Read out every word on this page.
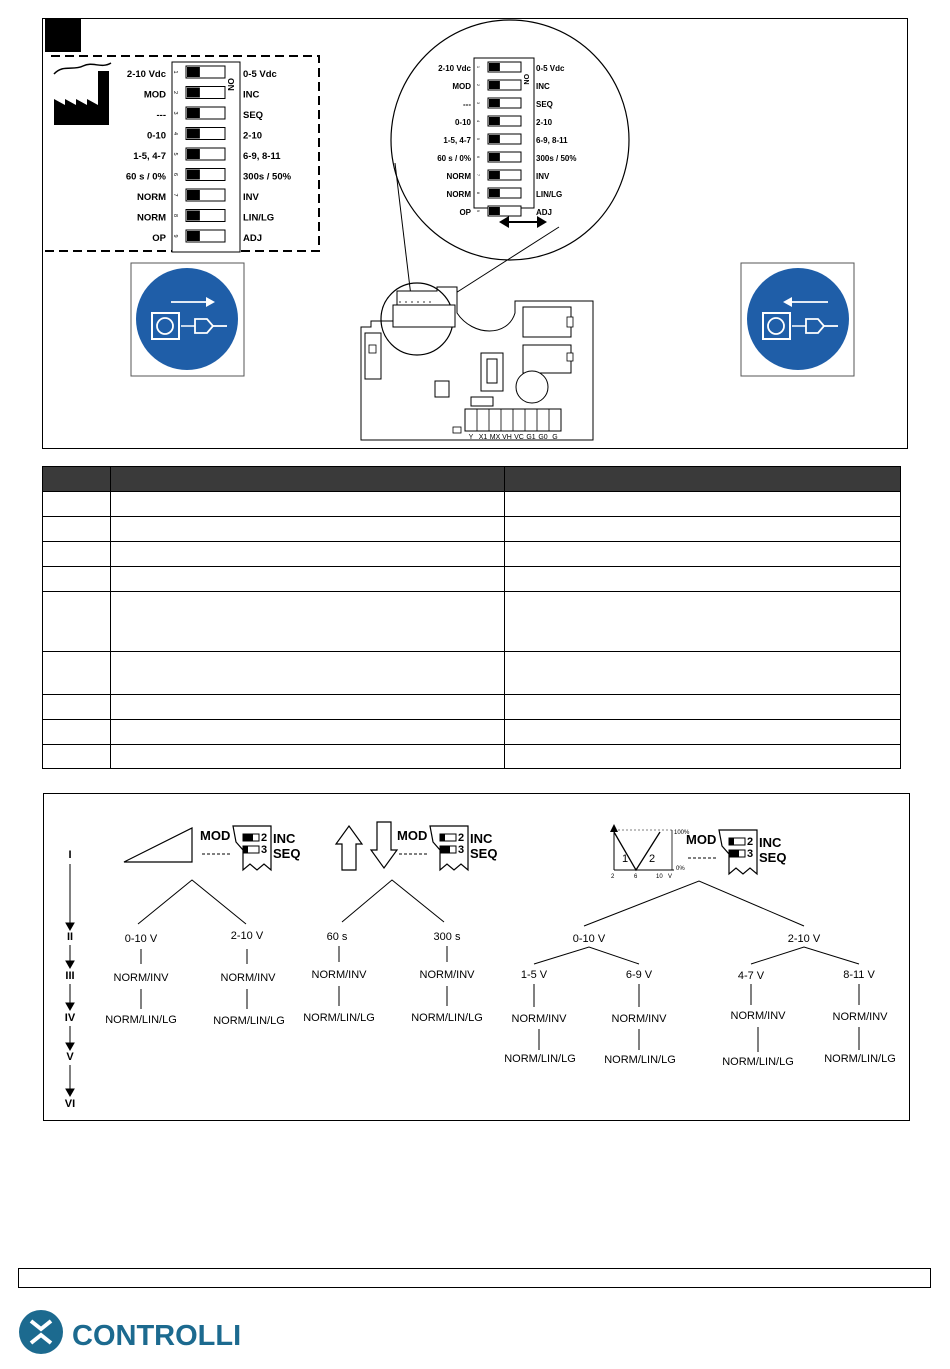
ON
1
2-10 Vdc	0-5 Vdc
2
MOD	INC
3
---	SEQ
4
0-10	2-10
5
1-5, 4-7	6-9, 8-11
6
60 s / 0%	300s / 50%
7
NORM	INV
8
NORM	LIN/LG
9
OP	ADJ
ON
1
2-10 Vdc	0-5 Vdc
2
MOD	INC
3
---	SEQ
4
0-10	2-10
5
1-5, 4-7	6-9, 8-11
6
60 s / 0%	300s / 50%
7
NORM	INV
8
NORM	LIN/LG
9
OP	ADJ
Y X1 MX VH VC G1 G0 G

I
II
III
IV
V
VI
MOD	2
3
INC
SEQ
MOD	2
3
INC
SEQ
100%
0%
1 2
2	6	10 V
MOD	2
3
INC
SEQ
0-10 V	2-10 V
NORM/INV	NORM/INV
NORM/LIN/LG	NORM/LIN/LG
60 s	300 s
NORM/INV	NORM/INV
NORM/LIN/LG	NORM/LIN/LG
0-10 V	2-10 V
1-5 V	6-9 V	4-7 V	8-11 V
NORM/INV	NORM/INV	NORM/INV	NORM/INV
NORM/LIN/LG	NORM/LIN/LG	NORM/LIN/LG	NORM/LIN/LG
CONTROLLI
